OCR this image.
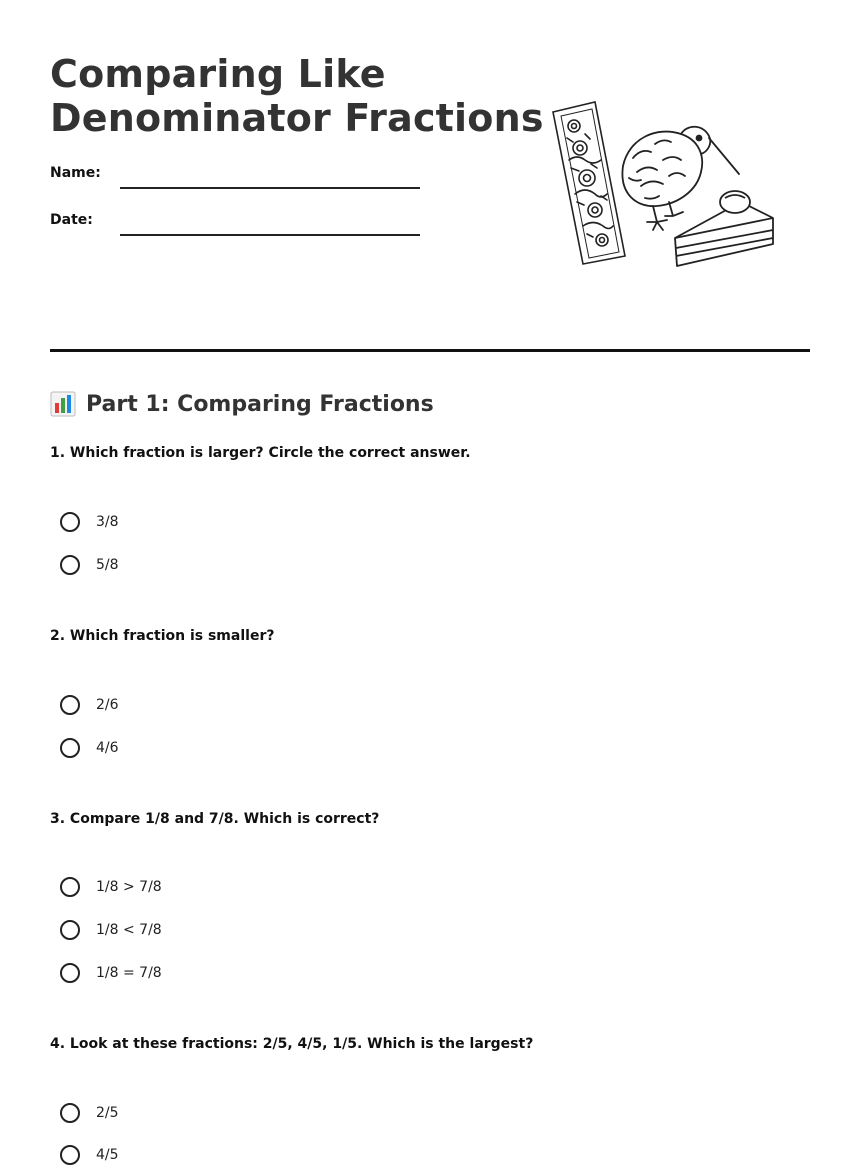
Comparing Like
Denominator Fractions
Name:
Date:
Part 1: Comparing Fractions
1. Which fraction is larger? Circle the correct answer.
3/8
5/8
2. Which fraction is smaller?
2/6
4/6
3. Compare 1/8 and 7/8. Which is correct?
1/8 > 7/8
1/8 < 7/8
1/8 = 7/8
4. Look at these fractions: 2/5, 4/5, 1/5. Which is the largest?
2/5
4/5
